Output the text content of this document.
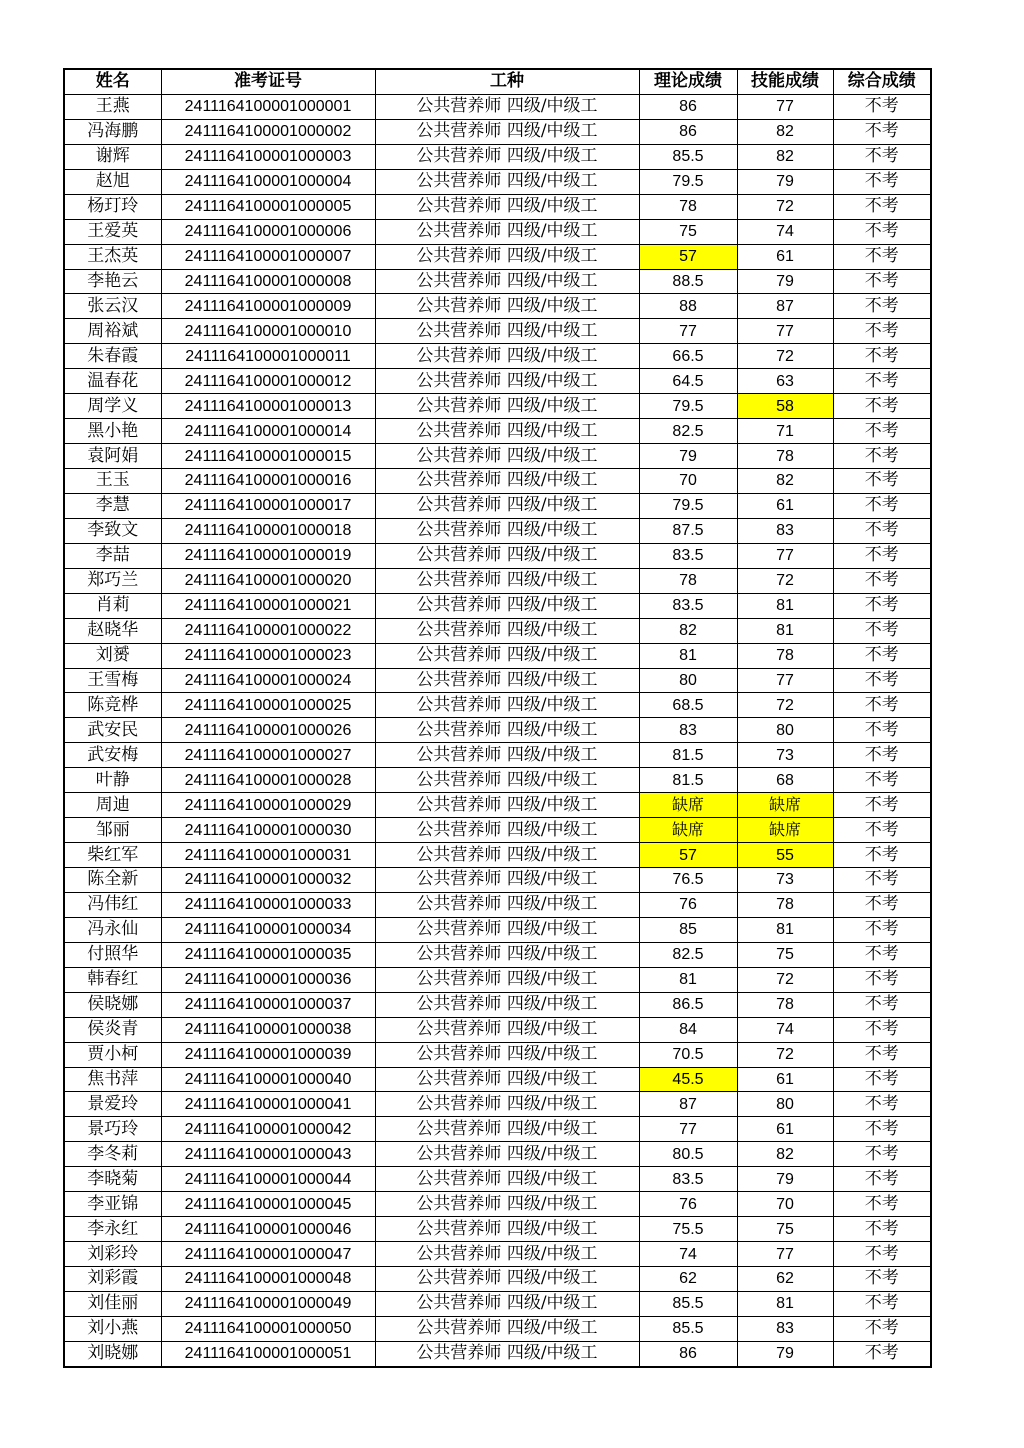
姓名	准考证号	工种	理论成绩	技能成绩	综合成绩
王燕	2411164100001000001	公共营养师 四级/中级工	86	77	不考
冯海鹏	2411164100001000002	公共营养师 四级/中级工	86	82	不考
谢辉	2411164100001000003	公共营养师 四级/中级工	85.5	82	不考
赵旭	2411164100001000004	公共营养师 四级/中级工	79.5	79	不考
杨玎玲	2411164100001000005	公共营养师 四级/中级工	78	72	不考
王爱英	2411164100001000006	公共营养师 四级/中级工	75	74	不考
王杰英	2411164100001000007	公共营养师 四级/中级工	57	61	不考
李艳云	2411164100001000008	公共营养师 四级/中级工	88.5	79	不考
张云汉	2411164100001000009	公共营养师 四级/中级工	88	87	不考
周裕斌	2411164100001000010	公共营养师 四级/中级工	77	77	不考
朱春霞	2411164100001000011	公共营养师 四级/中级工	66.5	72	不考
温春花	2411164100001000012	公共营养师 四级/中级工	64.5	63	不考
周学义	2411164100001000013	公共营养师 四级/中级工	79.5	58	不考
黑小艳	2411164100001000014	公共营养师 四级/中级工	82.5	71	不考
袁阿娟	2411164100001000015	公共营养师 四级/中级工	79	78	不考
王玉	2411164100001000016	公共营养师 四级/中级工	70	82	不考
李慧	2411164100001000017	公共营养师 四级/中级工	79.5	61	不考
李致文	2411164100001000018	公共营养师 四级/中级工	87.5	83	不考
李喆	2411164100001000019	公共营养师 四级/中级工	83.5	77	不考
郑巧兰	2411164100001000020	公共营养师 四级/中级工	78	72	不考
肖莉	2411164100001000021	公共营养师 四级/中级工	83.5	81	不考
赵晓华	2411164100001000022	公共营养师 四级/中级工	82	81	不考
刘赟	2411164100001000023	公共营养师 四级/中级工	81	78	不考
王雪梅	2411164100001000024	公共营养师 四级/中级工	80	77	不考
陈竞桦	2411164100001000025	公共营养师 四级/中级工	68.5	72	不考
武安民	2411164100001000026	公共营养师 四级/中级工	83	80	不考
武安梅	2411164100001000027	公共营养师 四级/中级工	81.5	73	不考
叶静	2411164100001000028	公共营养师 四级/中级工	81.5	68	不考
周迪	2411164100001000029	公共营养师 四级/中级工	缺席	缺席	不考
邹丽	2411164100001000030	公共营养师 四级/中级工	缺席	缺席	不考
柴红军	2411164100001000031	公共营养师 四级/中级工	57	55	不考
陈全新	2411164100001000032	公共营养师 四级/中级工	76.5	73	不考
冯伟红	2411164100001000033	公共营养师 四级/中级工	76	78	不考
冯永仙	2411164100001000034	公共营养师 四级/中级工	85	81	不考
付照华	2411164100001000035	公共营养师 四级/中级工	82.5	75	不考
韩春红	2411164100001000036	公共营养师 四级/中级工	81	72	不考
侯晓娜	2411164100001000037	公共营养师 四级/中级工	86.5	78	不考
侯炎青	2411164100001000038	公共营养师 四级/中级工	84	74	不考
贾小柯	2411164100001000039	公共营养师 四级/中级工	70.5	72	不考
焦书萍	2411164100001000040	公共营养师 四级/中级工	45.5	61	不考
景爱玲	2411164100001000041	公共营养师 四级/中级工	87	80	不考
景巧玲	2411164100001000042	公共营养师 四级/中级工	77	61	不考
李冬莉	2411164100001000043	公共营养师 四级/中级工	80.5	82	不考
李晓菊	2411164100001000044	公共营养师 四级/中级工	83.5	79	不考
李亚锦	2411164100001000045	公共营养师 四级/中级工	76	70	不考
李永红	2411164100001000046	公共营养师 四级/中级工	75.5	75	不考
刘彩玲	2411164100001000047	公共营养师 四级/中级工	74	77	不考
刘彩霞	2411164100001000048	公共营养师 四级/中级工	62	62	不考
刘佳丽	2411164100001000049	公共营养师 四级/中级工	85.5	81	不考
刘小燕	2411164100001000050	公共营养师 四级/中级工	85.5	83	不考
刘晓娜	2411164100001000051	公共营养师 四级/中级工	86	79	不考
